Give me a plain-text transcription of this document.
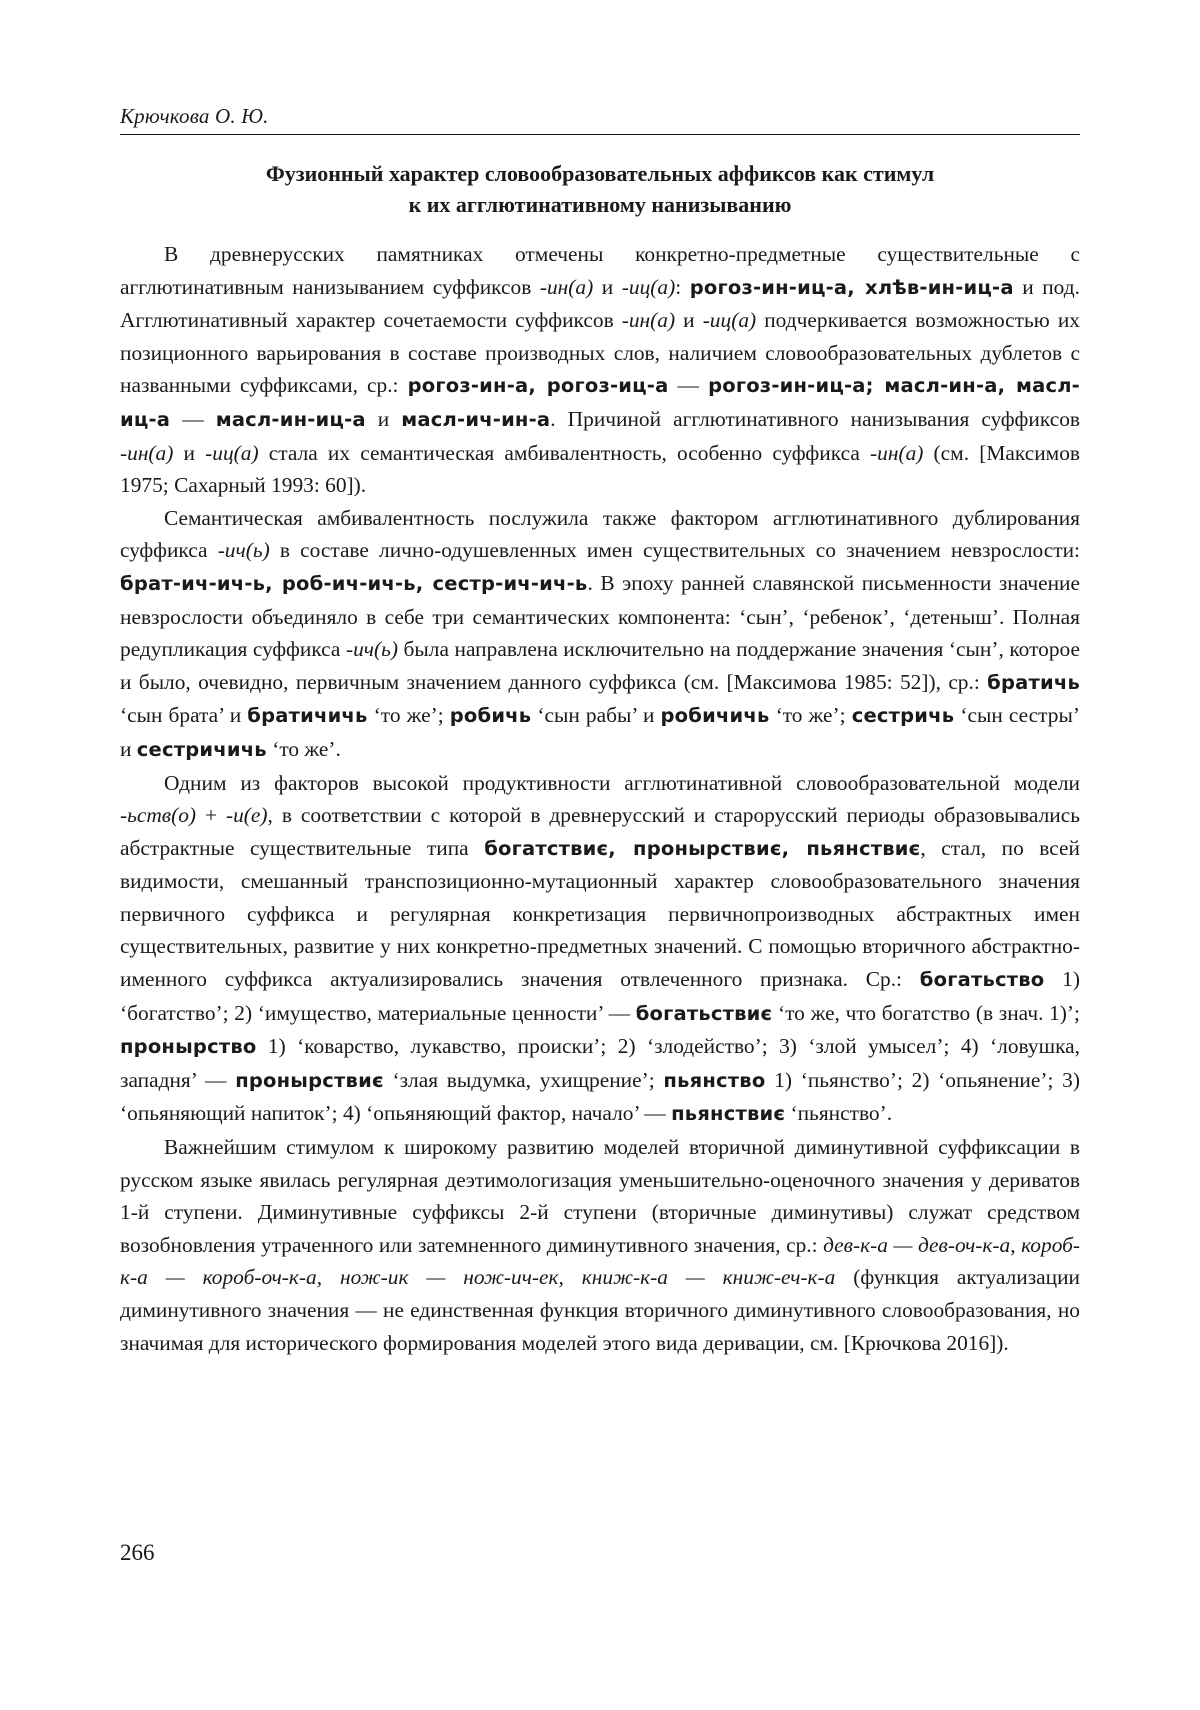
Крючкова О. Ю.
Фузионный характер словообразовательных аффиксов как стимул
к их агглютинативному нанизыванию

В древнерусских памятниках отмечены конкретно-предметные существительные с агглютинативным нанизыванием суффиксов -ин(а) и -иц(а): рогоз-ин-иц-а, хлѣв-ин-иц-а и под. Агглютинативный характер сочетаемости суффиксов -ин(а) и -иц(а) подчеркивается возможностью их позиционного варьирования в составе производных слов, наличием словообразовательных дублетов с названными суффиксами, ср.: рогоз-ин-а, рогоз-иц-а — рогоз-ин-иц-а; масл-ин-а, масл-иц-а — масл-ин-иц-а и масл-ич-ин-а. Причиной агглютинативного нанизывания суффиксов -ин(а) и -иц(а) стала их семантическая амбивалентность, особенно суффикса -ин(а) (см. [Максимов 1975; Сахарный 1993: 60]).

Семантическая амбивалентность послужила также фактором агглютинативного дублирования суффикса -ич(ь) в составе лично-одушевленных имен существительных со значением невзрослости: брат-ич-ич-ь, роб-ич-ич-ь, сестр-ич-ич-ь. В эпоху ранней славянской письменности значение невзрослости объединяло в себе три семантических компонента: ‘сын’, ‘ребенок’, ‘детеныш’. Полная редупликация суффикса -ич(ь) была направлена исключительно на поддержание значения ‘сын’, которое и было, очевидно, первичным значением данного суффикса (см. [Максимова 1985: 52]), ср.: братичь ‘сын брата’ и братичичь ‘то же’; робичь ‘сын рабы’ и робичичь ‘то же’; сестричь ‘сын сестры’ и сестричичь ‘то же’.

Одним из факторов высокой продуктивности агглютинативной словообразовательной модели -ьств(о) + -и(е), в соответствии с которой в древнерусский и старорусский периоды образовывались абстрактные существительные типа богатствиє, пронырствиє, пьянствиє, стал, по всей видимости, смешанный транспозиционно-мутационный характер словообразовательного значения первичного суффикса и регулярная конкретизация первичнопроизводных абстрактных имен существительных, развитие у них конкретно-предметных значений. С помощью вторичного абстрактно-именного суффикса актуализировались значения отвлеченного признака. Ср.: богатьство 1) ‘богатство’; 2) ‘имущество, материальные ценности’ — богатьствиє ‘то же, что богатство (в знач. 1)’; пронырство 1) ‘коварство, лукавство, происки’; 2) ‘злодейство’; 3) ‘злой умысел’; 4) ‘ловушка, западня’ — пронырствиє ‘злая выдумка, ухищрение’; пьянство 1) ‘пьянство’; 2) ‘опьянение’; 3) ‘опьяняющий напиток’; 4) ‘опьяняющий фактор, начало’ — пьянствиє ‘пьянство’.

Важнейшим стимулом к широкому развитию моделей вторичной диминутивной суффиксации в русском языке явилась регулярная деэтимологизация уменьшительно-оценочного значения у дериватов 1-й ступени. Диминутивные суффиксы 2-й ступени (вторичные диминутивы) служат средством возобновления утраченного или затемненного диминутивного значения, ср.: дев-к-а — дев-оч-к-а, короб-к-а — короб-оч-к-а, нож-ик — нож-ич-ек, книж-к-а — книж-еч-к-а (функция актуализации диминутивного значения — не единственная функция вторичного диминутивного словообразования, но значимая для исторического формирования моделей этого вида деривации, см. [Крючкова 2016]).

266
